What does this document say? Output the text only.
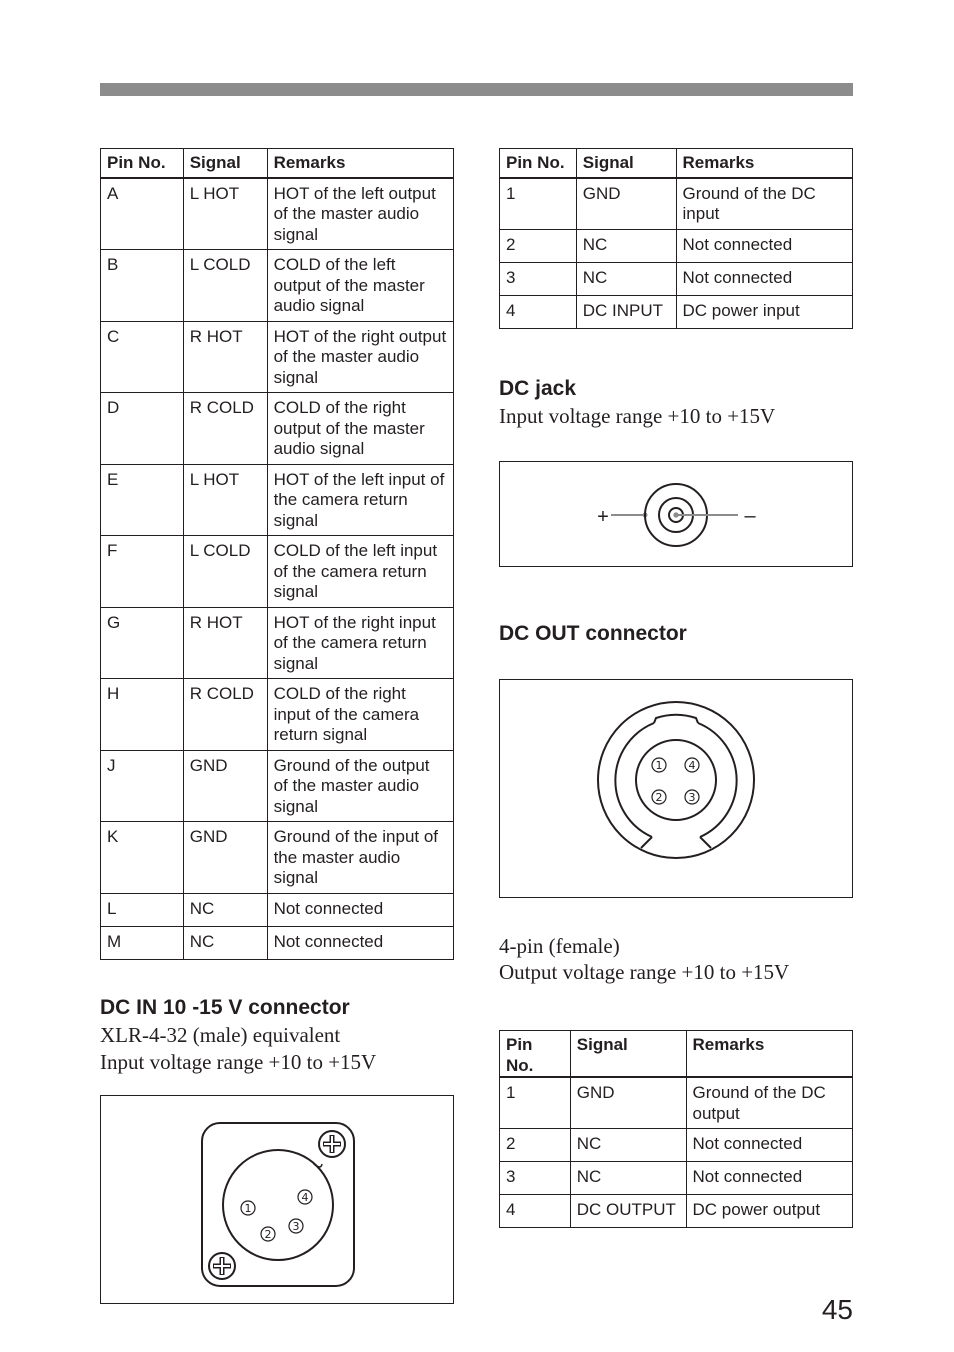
Pin No.	Signal	Remarks
A	L HOT	HOT of the left output of the master audio signal
B	L COLD	COLD of the left output of the master audio signal
C	R HOT	HOT of the right output of the master audio signal
D	R COLD	COLD of the right output of the master audio signal
E	L HOT	HOT of the left input of the camera return signal
F	L COLD	COLD of the left input of the camera return signal
G	R HOT	HOT of the right input of the camera return signal
H	R COLD	COLD of the right input of the camera return signal
J	GND	Ground of the output of the master audio signal
K	GND	Ground of the input of the master audio signal
L	NC	Not connected
M	NC	Not connected
DC IN 10 -15 V connector
XLR-4-32 (male) equivalent
Input voltage range +10 to +15V
1
2
3
4
Pin No.	Signal	Remarks
1	GND	Ground of the DC input
2	NC	Not connected
3	NC	Not connected
4	DC INPUT	DC power input
DC jack
Input voltage range +10 to +15V
+	–
DC OUT connector
1
2 3
4
4-pin (female)
Output voltage range +10 to +15V
Pin No.	Signal	Remarks
1	GND	Ground of the DC output
2	NC	Not connected
3	NC	Not connected
4	DC OUTPUT	DC power output
45
